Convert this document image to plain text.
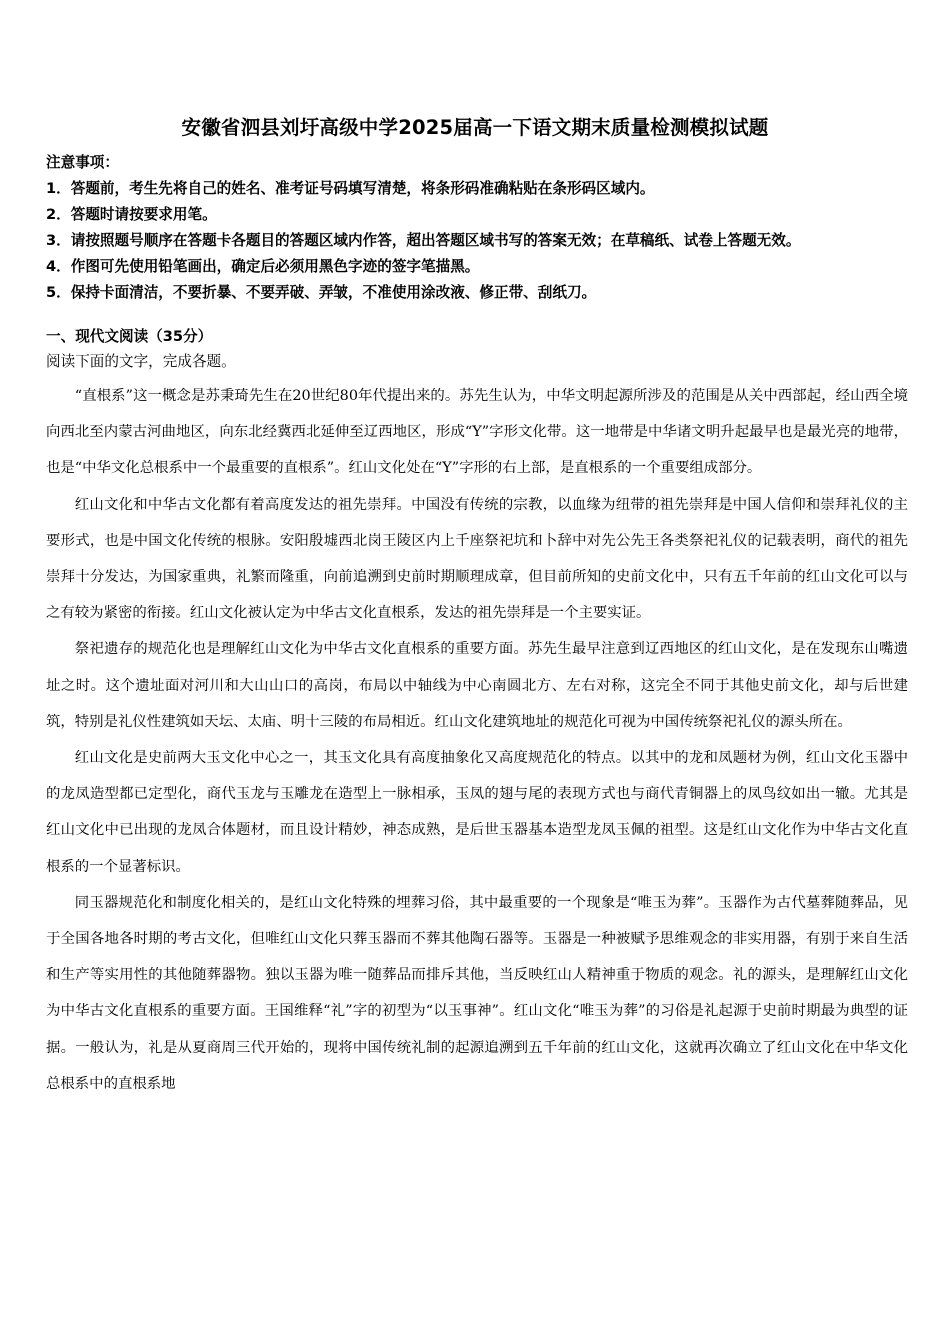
安徽省泗县刘圩高级中学2025届高一下语文期末质量检测模拟试题
注意事项：
1．答题前，考生先将自己的姓名、准考证号码填写清楚，将条形码准确粘贴在条形码区域内。
2．答题时请按要求用笔。
3．请按照题号顺序在答题卡各题目的答题区域内作答，超出答题区域书写的答案无效；在草稿纸、试卷上答题无效。
4．作图可先使用铅笔画出，确定后必须用黑色字迹的签字笔描黑。
5．保持卡面清洁，不要折暴、不要弄破、弄皱，不准使用涂改液、修正带、刮纸刀。
一、现代文阅读（35分）
阅读下面的文字，完成各题。

“直根系”这一概念是苏秉琦先生在20世纪80年代提出来的。苏先生认为，中华文明起源所涉及的范围是从关中西部起，经山西全境向西北至内蒙古河曲地区，向东北经冀西北延伸至辽西地区，形成“Y”字形文化带。这一地带是中华诸文明升起最早也是最光亮的地带，也是“中华文化总根系中一个最重要的直根系”。红山文化处在“Y”字形的右上部，是直根系的一个重要组成部分。

红山文化和中华古文化都有着高度发达的祖先崇拜。中国没有传统的宗教，以血缘为纽带的祖先崇拜是中国人信仰和崇拜礼仪的主要形式，也是中国文化传统的根脉。安阳殷墟西北岗王陵区内上千座祭祀坑和卜辞中对先公先王各类祭祀礼仪的记载表明，商代的祖先崇拜十分发达，为国家重典，礼繁而隆重，向前追溯到史前时期顺理成章，但目前所知的史前文化中，只有五千年前的红山文化可以与之有较为紧密的衔接。红山文化被认定为中华古文化直根系，发达的祖先崇拜是一个主要实证。

祭祀遗存的规范化也是理解红山文化为中华古文化直根系的重要方面。苏先生最早注意到辽西地区的红山文化，是在发现东山嘴遗址之时。这个遗址面对河川和大山山口的高岗，布局以中轴线为中心南圆北方、左右对称，这完全不同于其他史前文化，却与后世建筑，特别是礼仪性建筑如天坛、太庙、明十三陵的布局相近。红山文化建筑地址的规范化可视为中国传统祭祀礼仪的源头所在。

红山文化是史前两大玉文化中心之一，其玉文化具有高度抽象化又高度规范化的特点。以其中的龙和凤题材为例，红山文化玉器中的龙凤造型都已定型化，商代玉龙与玉雕龙在造型上一脉相承，玉凤的翅与尾的表现方式也与商代青铜器上的凤鸟纹如出一辙。尤其是红山文化中已出现的龙凤合体题材，而且设计精妙，神态成熟，是后世玉器基本造型龙凤玉佩的祖型。这是红山文化作为中华古文化直根系的一个显著标识。

同玉器规范化和制度化相关的，是红山文化特殊的埋葬习俗，其中最重要的一个现象是“唯玉为葬”。玉器作为古代墓葬随葬品，见于全国各地各时期的考古文化，但唯红山文化只葬玉器而不葬其他陶石器等。玉器是一种被赋予思维观念的非实用器，有别于来自生活和生产等实用性的其他随葬器物。独以玉器为唯一随葬品而排斥其他，当反映红山人精神重于物质的观念。礼的源头，是理解红山文化为中华古文化直根系的重要方面。王国维释“礼”字的初型为“以玉事神”。红山文化“唯玉为葬”的习俗是礼起源于史前时期最为典型的证据。一般认为，礼是从夏商周三代开始的，现将中国传统礼制的起源追溯到五千年前的红山文化，这就再次确立了红山文化在中华文化总根系中的直根系地
